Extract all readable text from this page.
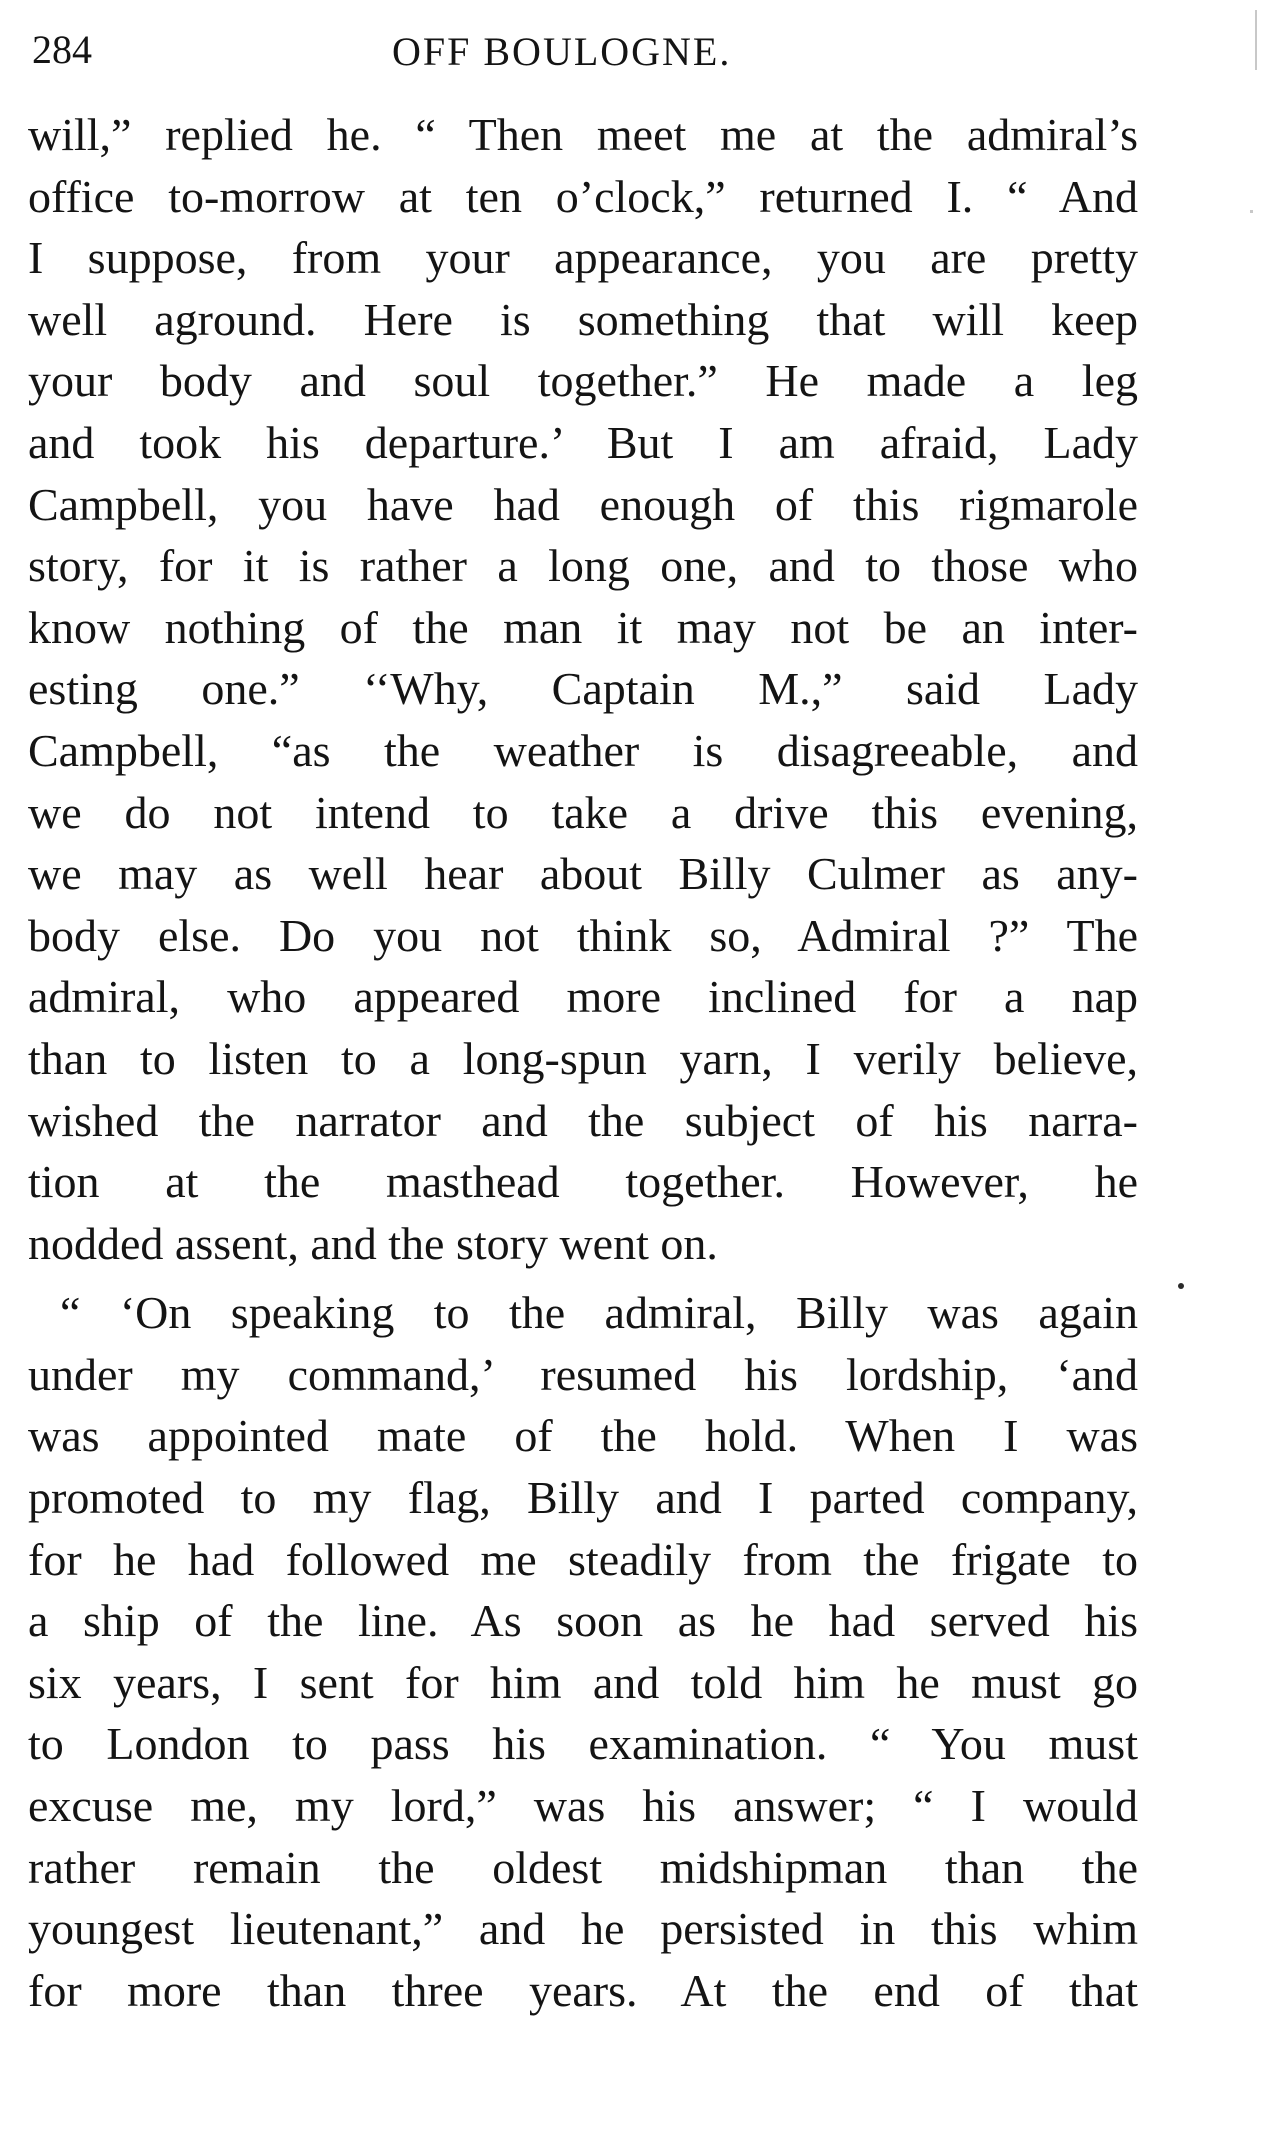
284	OFF BOULOGNE.
will,” replied he. “ Then meet me at the admiral’s
office to-morrow at ten o’clock,” returned I. “ And
I suppose, from your appearance, you are pretty
well aground. Here is something that will keep
your body and soul together.” He made a leg
and took his departure.’ But I am afraid, Lady
Campbell, you have had enough of this rigmarole
story, for it is rather a long one, and to those who
know nothing of the man it may not be an inter-
esting one.” ‘‘Why, Captain M.,” said Lady
Campbell, “as the weather is disagreeable, and
we do not intend to take a drive this evening,
we may as well hear about Billy Culmer as any-
body else. Do you not think so, Admiral ?” The
admiral, who appeared more inclined for a nap
than to listen to a long-spun yarn, I verily believe,
wished the narrator and the subject of his narra-
tion at the masthead together. However, he
nodded assent, and the story went on.
“ ‘On speaking to the admiral, Billy was again
under my command,’ resumed his lordship, ‘and
was appointed mate of the hold. When I was
promoted to my flag, Billy and I parted company,
for he had followed me steadily from the frigate to
a ship of the line. As soon as he had served his
six years, I sent for him and told him he must go
to London to pass his examination. “ You must
excuse me, my lord,” was his answer; “ I would
rather remain the oldest midshipman than the
youngest lieutenant,” and he persisted in this whim
for more than three years. At the end of that
